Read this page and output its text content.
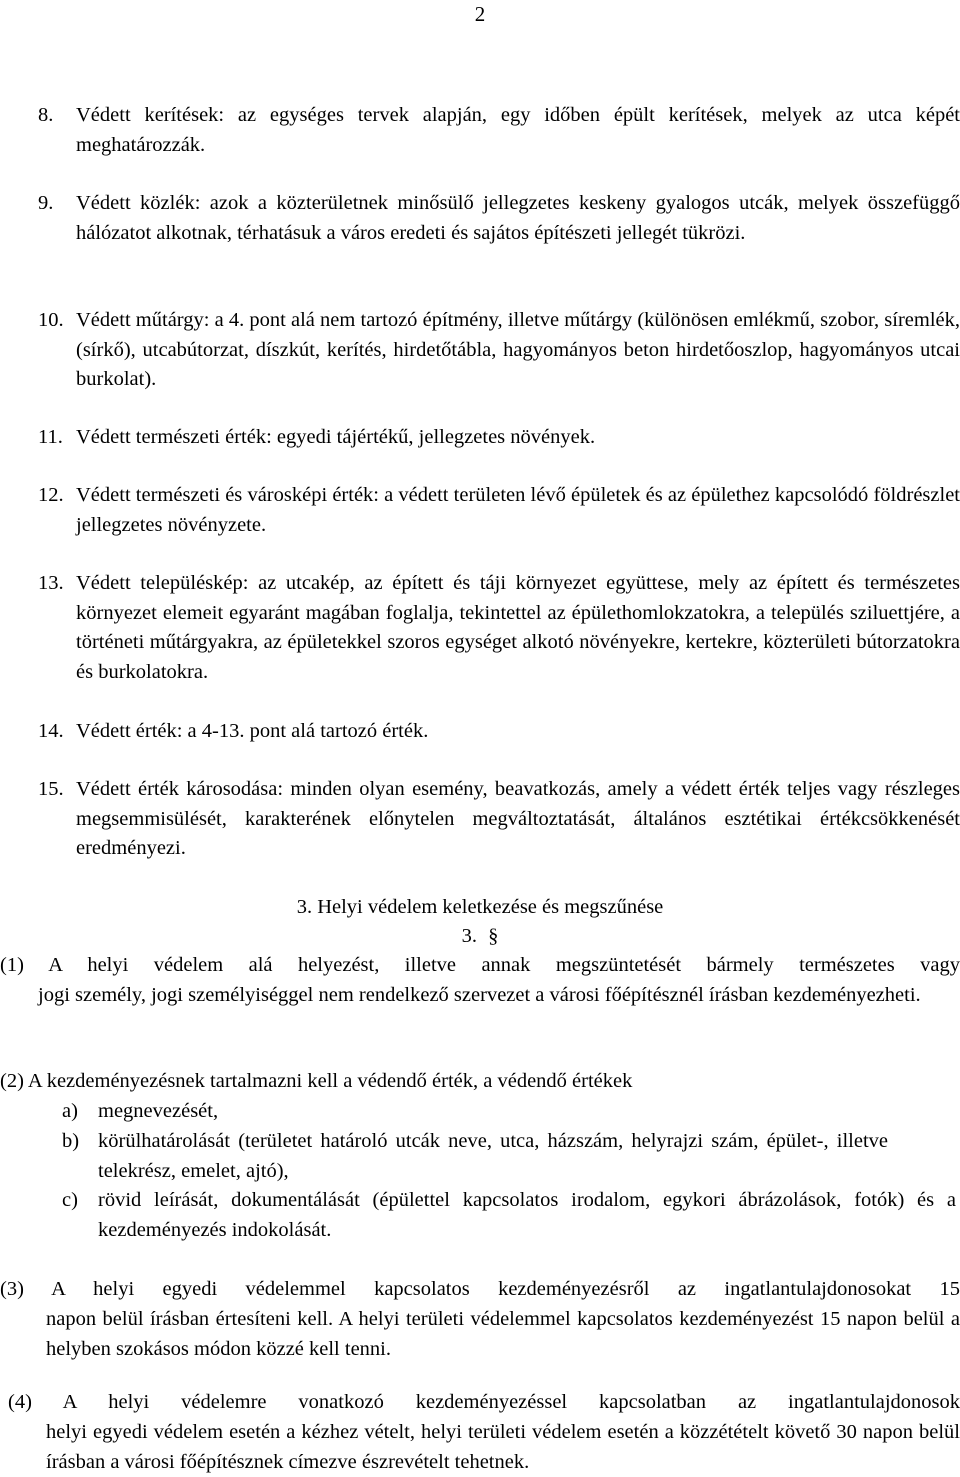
2
8. Védett kerítések: az egységes tervek alapján, egy időben épült kerítések, melyek az utca képét meghatározzák.
9. Védett közlék: azok a közterületnek minősülő jellegzetes keskeny gyalogos utcák, melyek összefüggő hálózatot alkotnak, térhatásuk a város eredeti és sajátos építészeti jellegét tükrözi.
10. Védett műtárgy: a 4. pont alá nem tartozó építmény, illetve műtárgy (különösen emlékmű, szobor, síremlék, (sírkő), utcabútorzat, díszkút, kerítés, hirdetőtábla, hagyományos beton hirdetőoszlop, hagyományos utcai burkolat).
11. Védett természeti érték: egyedi tájértékű, jellegzetes növények.
12. Védett természeti és városképi érték: a védett területen lévő épületek és az épülethez kapcsolódó földrészlet jellegzetes növényzete.
13. Védett településkép: az utcakép, az épített és táji környezet együttese, mely az épített és természetes környezet elemeit egyaránt magában foglalja, tekintettel az épülethomlokzatokra, a település sziluettjére, a történeti műtárgyakra, az épületekkel szoros egységet alkotó növényekre, kertekre, közterületi bútorzatokra és burkolatokra.
14. Védett érték: a 4-13. pont alá tartozó érték.
15. Védett érték károsodása: minden olyan esemény, beavatkozás, amely a védett érték teljes vagy részleges megsemmisülését, karakterének előnytelen megváltoztatását, általános esztétikai értékcsökkenését eredményezi.
3. Helyi védelem keletkezése és megszűnése
3. §
(1) A helyi védelem alá helyezést, illetve annak megszüntetését bármely természetes vagy
jogi személy, jogi személyiséggel nem rendelkező szervezet a városi főépítésznél írásban kezdeményezheti.
(2) A kezdeményezésnek tartalmazni kell a védendő érték, a védendő értékek
a) megnevezését,
b) körülhatárolását (területet határoló utcák neve, utca, házszám, helyrajzi szám, épület-, illetve telekrész, emelet, ajtó),
c) rövid leírását, dokumentálását (épülettel kapcsolatos irodalom, egykori ábrázolások, fotók) és a kezdeményezés indokolását.
(3) A helyi egyedi védelemmel kapcsolatos kezdeményezésről az ingatlantulajdonosokat 15
napon belül írásban értesíteni kell. A helyi területi védelemmel kapcsolatos kezdeményezést 15 napon belül a helyben szokásos módon közzé kell tenni.
(4) A helyi védelemre vonatkozó kezdeményezéssel kapcsolatban az ingatlantulajdonosok
helyi egyedi védelem esetén a kézhez vételt, helyi területi védelem esetén a közzétételt követő 30 napon belül írásban a városi főépítésznek címezve észrevételt tehetnek.
